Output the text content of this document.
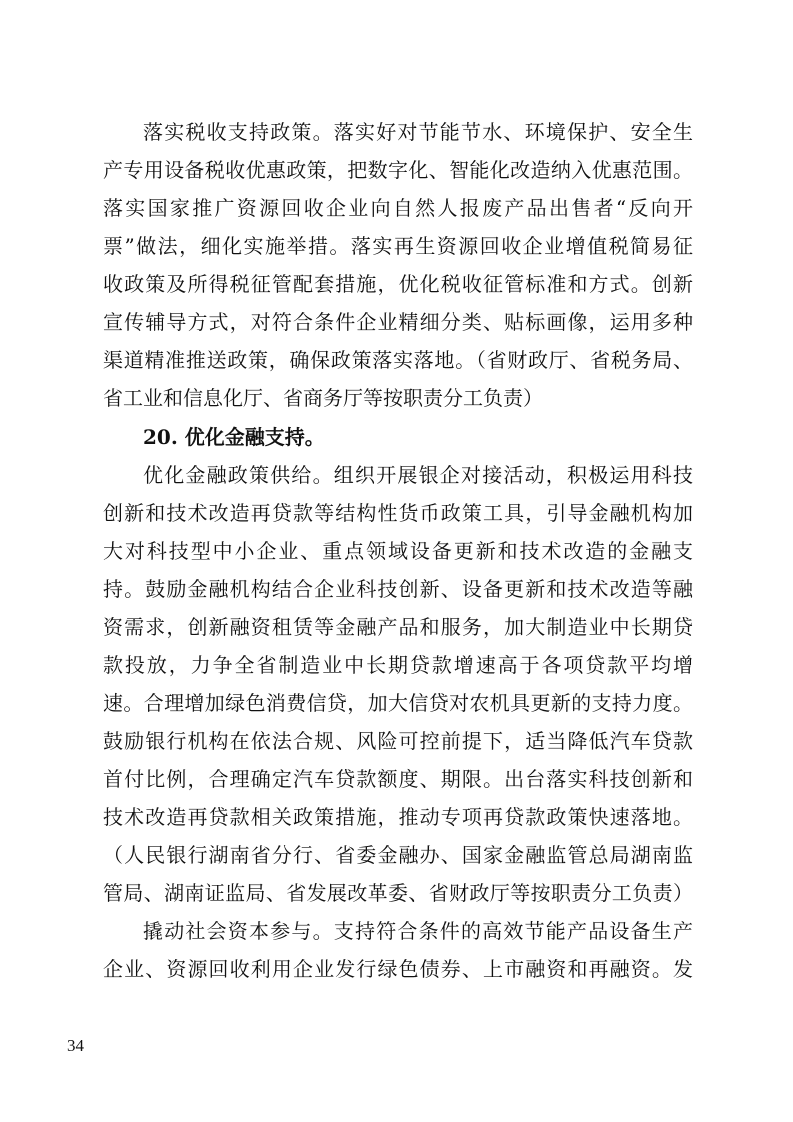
落实税收支持政策。落实好对节能节水、环境保护、安全生
产专用设备税收优惠政策，把数字化、智能化改造纳入优惠范围。
落实国家推广资源回收企业向自然人报废产品出售者“反向开
票”做法，细化实施举措。落实再生资源回收企业增值税简易征
收政策及所得税征管配套措施，优化税收征管标准和方式。创新
宣传辅导方式，对符合条件企业精细分类、贴标画像，运用多种
渠道精准推送政策，确保政策落实落地。（省财政厅、省税务局、
省工业和信息化厅、省商务厅等按职责分工负责）
20. 优化金融支持。
优化金融政策供给。组织开展银企对接活动，积极运用科技
创新和技术改造再贷款等结构性货币政策工具，引导金融机构加
大对科技型中小企业、重点领域设备更新和技术改造的金融支
持。鼓励金融机构结合企业科技创新、设备更新和技术改造等融
资需求，创新融资租赁等金融产品和服务，加大制造业中长期贷
款投放，力争全省制造业中长期贷款增速高于各项贷款平均增
速。合理增加绿色消费信贷，加大信贷对农机具更新的支持力度。
鼓励银行机构在依法合规、风险可控前提下，适当降低汽车贷款
首付比例，合理确定汽车贷款额度、期限。出台落实科技创新和
技术改造再贷款相关政策措施，推动专项再贷款政策快速落地。
（人民银行湖南省分行、省委金融办、国家金融监管总局湖南监
管局、湖南证监局、省发展改革委、省财政厅等按职责分工负责）
撬动社会资本参与。支持符合条件的高效节能产品设备生产
企业、资源回收利用企业发行绿色债券、上市融资和再融资。发
34
